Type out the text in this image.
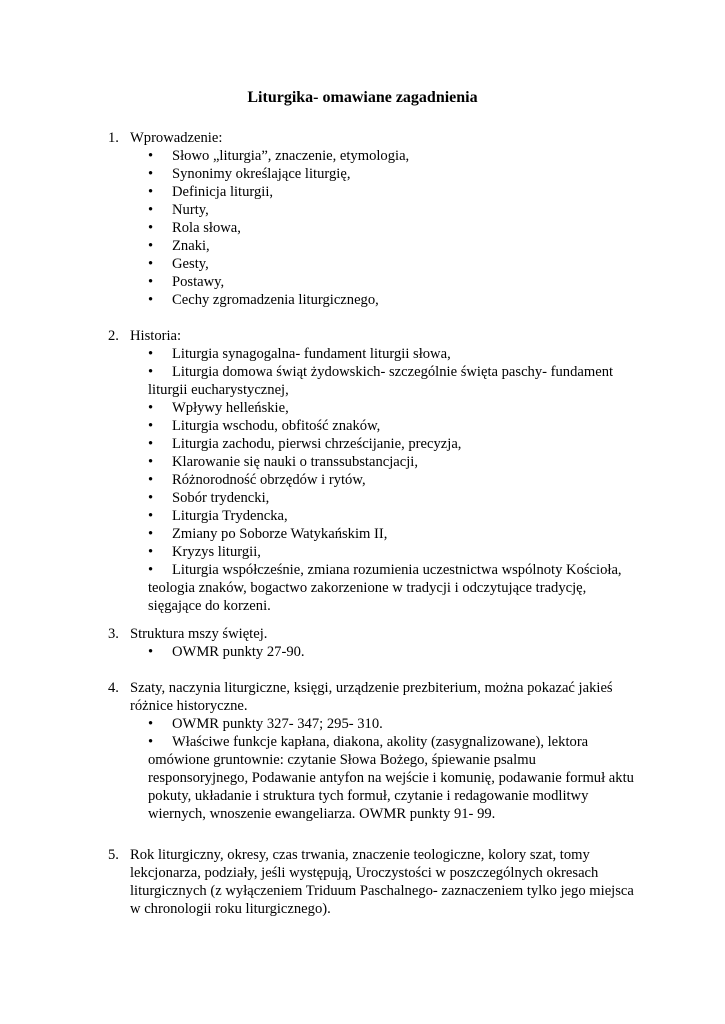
Liturgika- omawiane zagadnienia
1. Wprowadzenie:
• Słowo „liturgia”, znaczenie, etymologia,
• Synonimy określające liturgię,
• Definicja liturgii,
• Nurty,
• Rola słowa,
• Znaki,
• Gesty,
• Postawy,
• Cechy zgromadzenia liturgicznego,
2. Historia:
• Liturgia synagogalna- fundament liturgii słowa,
• Liturgia domowa świąt żydowskich- szczególnie święta paschy- fundament
liturgii eucharystycznej,
• Wpływy helleńskie,
• Liturgia wschodu, obfitość znaków,
• Liturgia zachodu, pierwsi chrześcijanie, precyzja,
• Klarowanie się nauki o transsubstancjacji,
• Różnorodność obrzędów i rytów,
• Sobór trydencki,
• Liturgia Trydencka,
• Zmiany po Soborze Watykańskim II,
• Kryzys liturgii,
• Liturgia współcześnie, zmiana rozumienia uczestnictwa wspólnoty Kościoła,
teologia znaków, bogactwo zakorzenione w tradycji i odczytujące tradycję,
sięgające do korzeni.
3. Struktura mszy świętej.
• OWMR punkty 27-90.
4. Szaty, naczynia liturgiczne, księgi, urządzenie prezbiterium, można pokazać jakieś
różnice historyczne.
• OWMR punkty 327- 347; 295- 310.
• Właściwe funkcje kapłana, diakona, akolity (zasygnalizowane), lektora
omówione gruntownie: czytanie Słowa Bożego, śpiewanie psalmu
responsoryjnego, Podawanie antyfon na wejście i komunię, podawanie formuł aktu
pokuty, układanie i struktura tych formuł, czytanie i redagowanie modlitwy
wiernych, wnoszenie ewangeliarza. OWMR punkty 91- 99.
5. Rok liturgiczny, okresy, czas trwania, znaczenie teologiczne, kolory szat, tomy
lekcjonarza, podziały, jeśli występują, Uroczystości w poszczególnych okresach
liturgicznych (z wyłączeniem Triduum Paschalnego- zaznaczeniem tylko jego miejsca
w chronologii roku liturgicznego).
